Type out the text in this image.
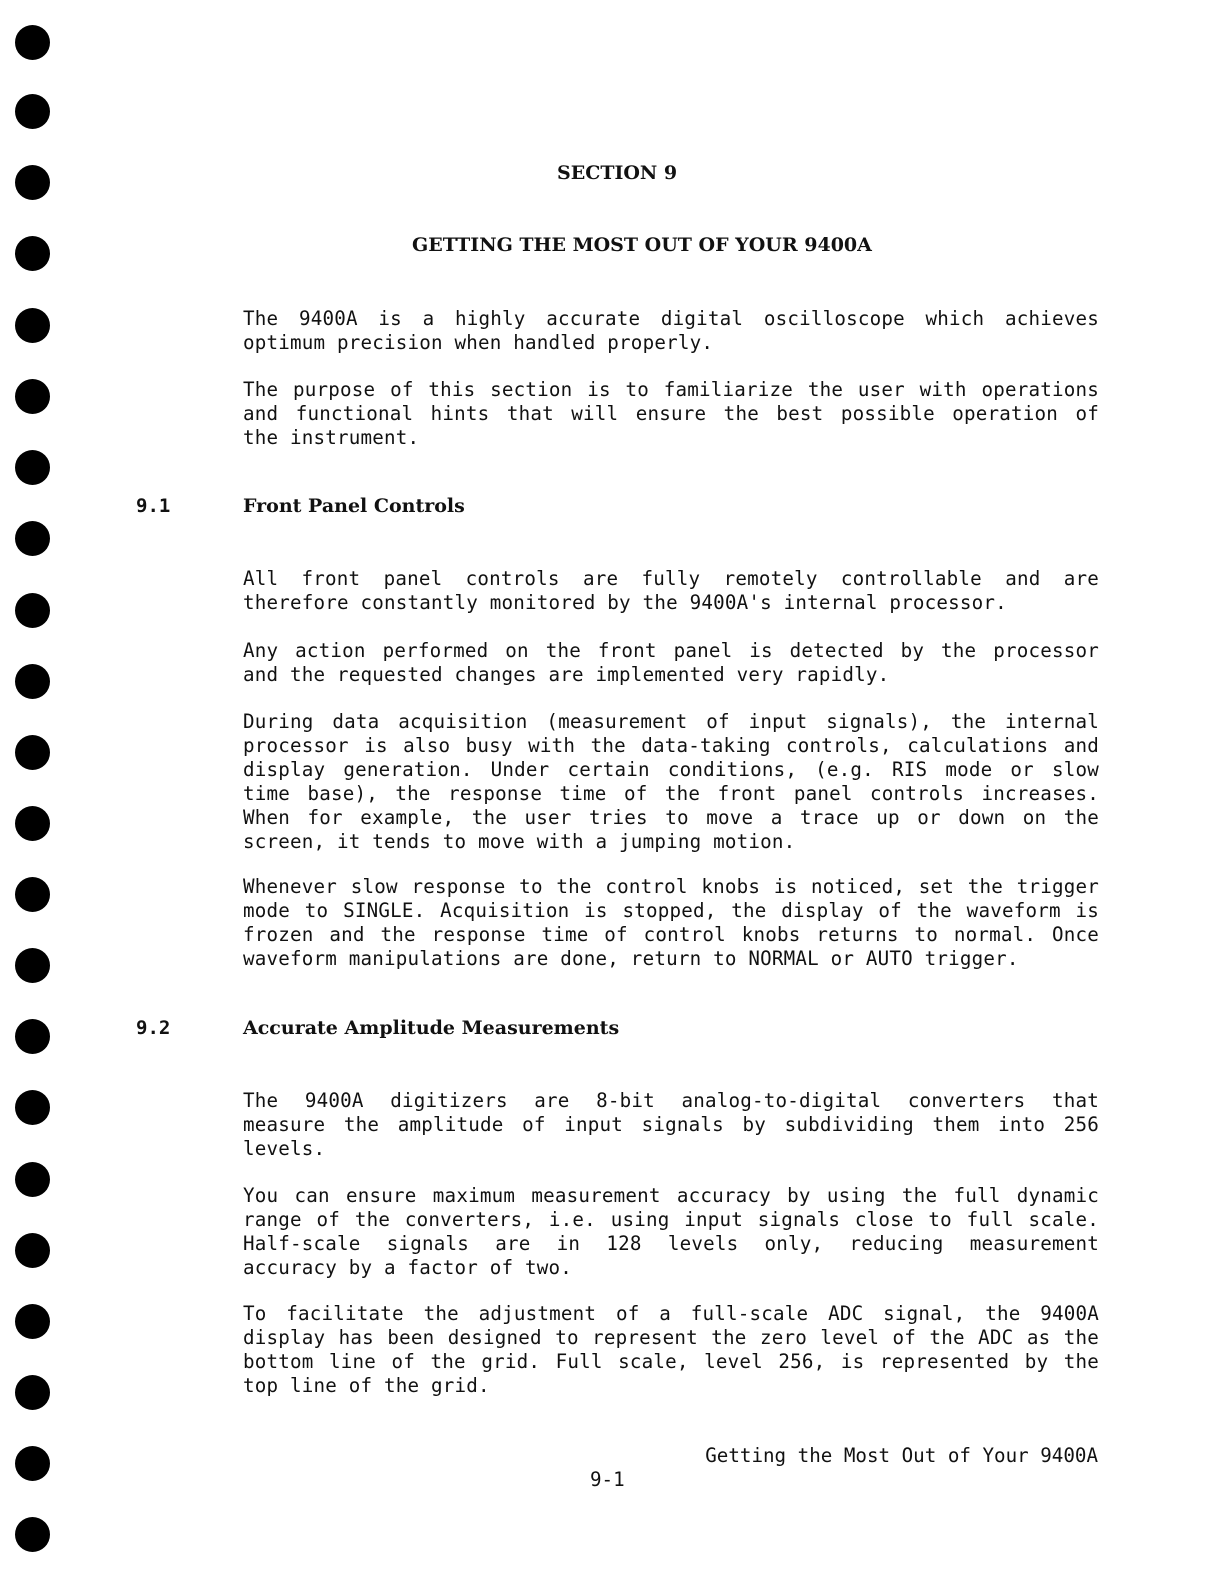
SECTION 9
GETTING THE MOST OUT OF YOUR 9400A
The 9400A is a highly accurate digital oscilloscope which achieves
optimum precision when handled properly.
The purpose of this section is to familiarize the user with operations
and functional hints that will ensure the best possible operation of
the instrument.
9.1	Front Panel Controls
All front panel controls are fully remotely controllable and are
therefore constantly monitored by the 9400A's internal processor.
Any action performed on the front panel is detected by the processor
and the requested changes are implemented very rapidly.
During data acquisition (measurement of input signals), the internal
processor is also busy with the data-taking controls, calculations and
display generation. Under certain conditions, (e.g. RIS mode or slow
time base), the response time of the front panel controls increases.
When for example, the user tries to move a trace up or down on the
screen, it tends to move with a jumping motion.
Whenever slow response to the control knobs is noticed, set the trigger
mode to SINGLE. Acquisition is stopped, the display of the waveform is
frozen and the response time of control knobs returns to normal. Once
waveform manipulations are done, return to NORMAL or AUTO trigger.
9.2	Accurate Amplitude Measurements
The 9400A digitizers are 8-bit analog-to-digital converters that
measure the amplitude of input signals by subdividing them into 256
levels.
You can ensure maximum measurement accuracy by using the full dynamic
range of the converters, i.e. using input signals close to full scale.
Half-scale signals are in 128 levels only, reducing measurement
accuracy by a factor of two.
To facilitate the adjustment of a full-scale ADC signal, the 9400A
display has been designed to represent the zero level of the ADC as the
bottom line of the grid. Full scale, level 256, is represented by the
top line of the grid.
Getting the Most Out of Your 9400A
9-1
